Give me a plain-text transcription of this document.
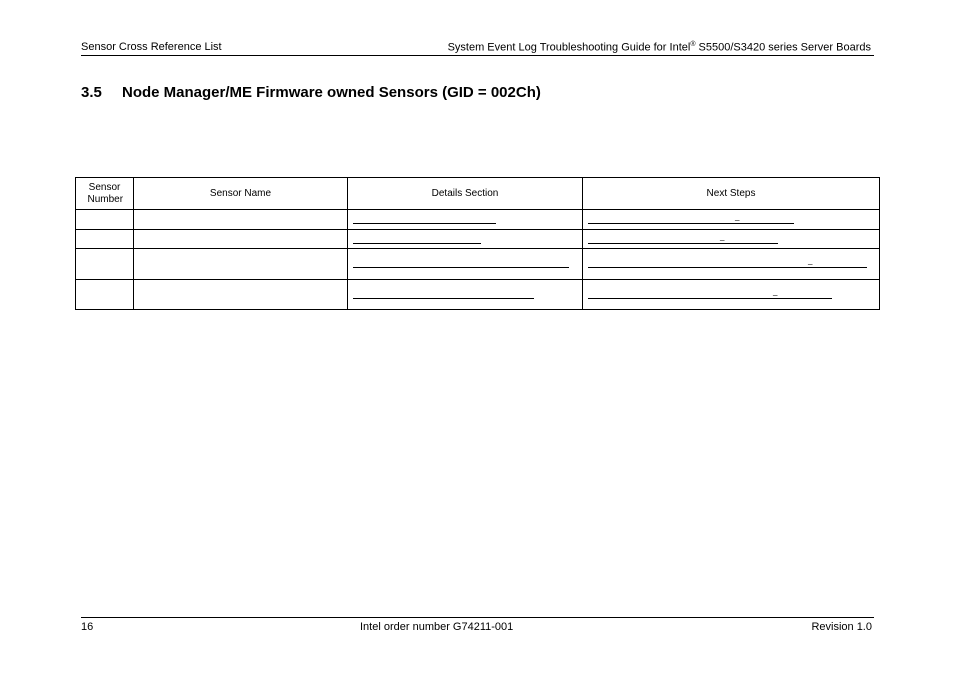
Sensor Cross Reference List	System Event Log Troubleshooting Guide for Intel® S5500/S3420 series Server Boards
3.5 Node Manager/ME Firmware owned Sensors (GID = 002Ch)
Sensor Number	Sensor Name	Details Section	Next Steps

			_

			_

			_

			_
16	Intel order number G74211-001	Revision 1.0
